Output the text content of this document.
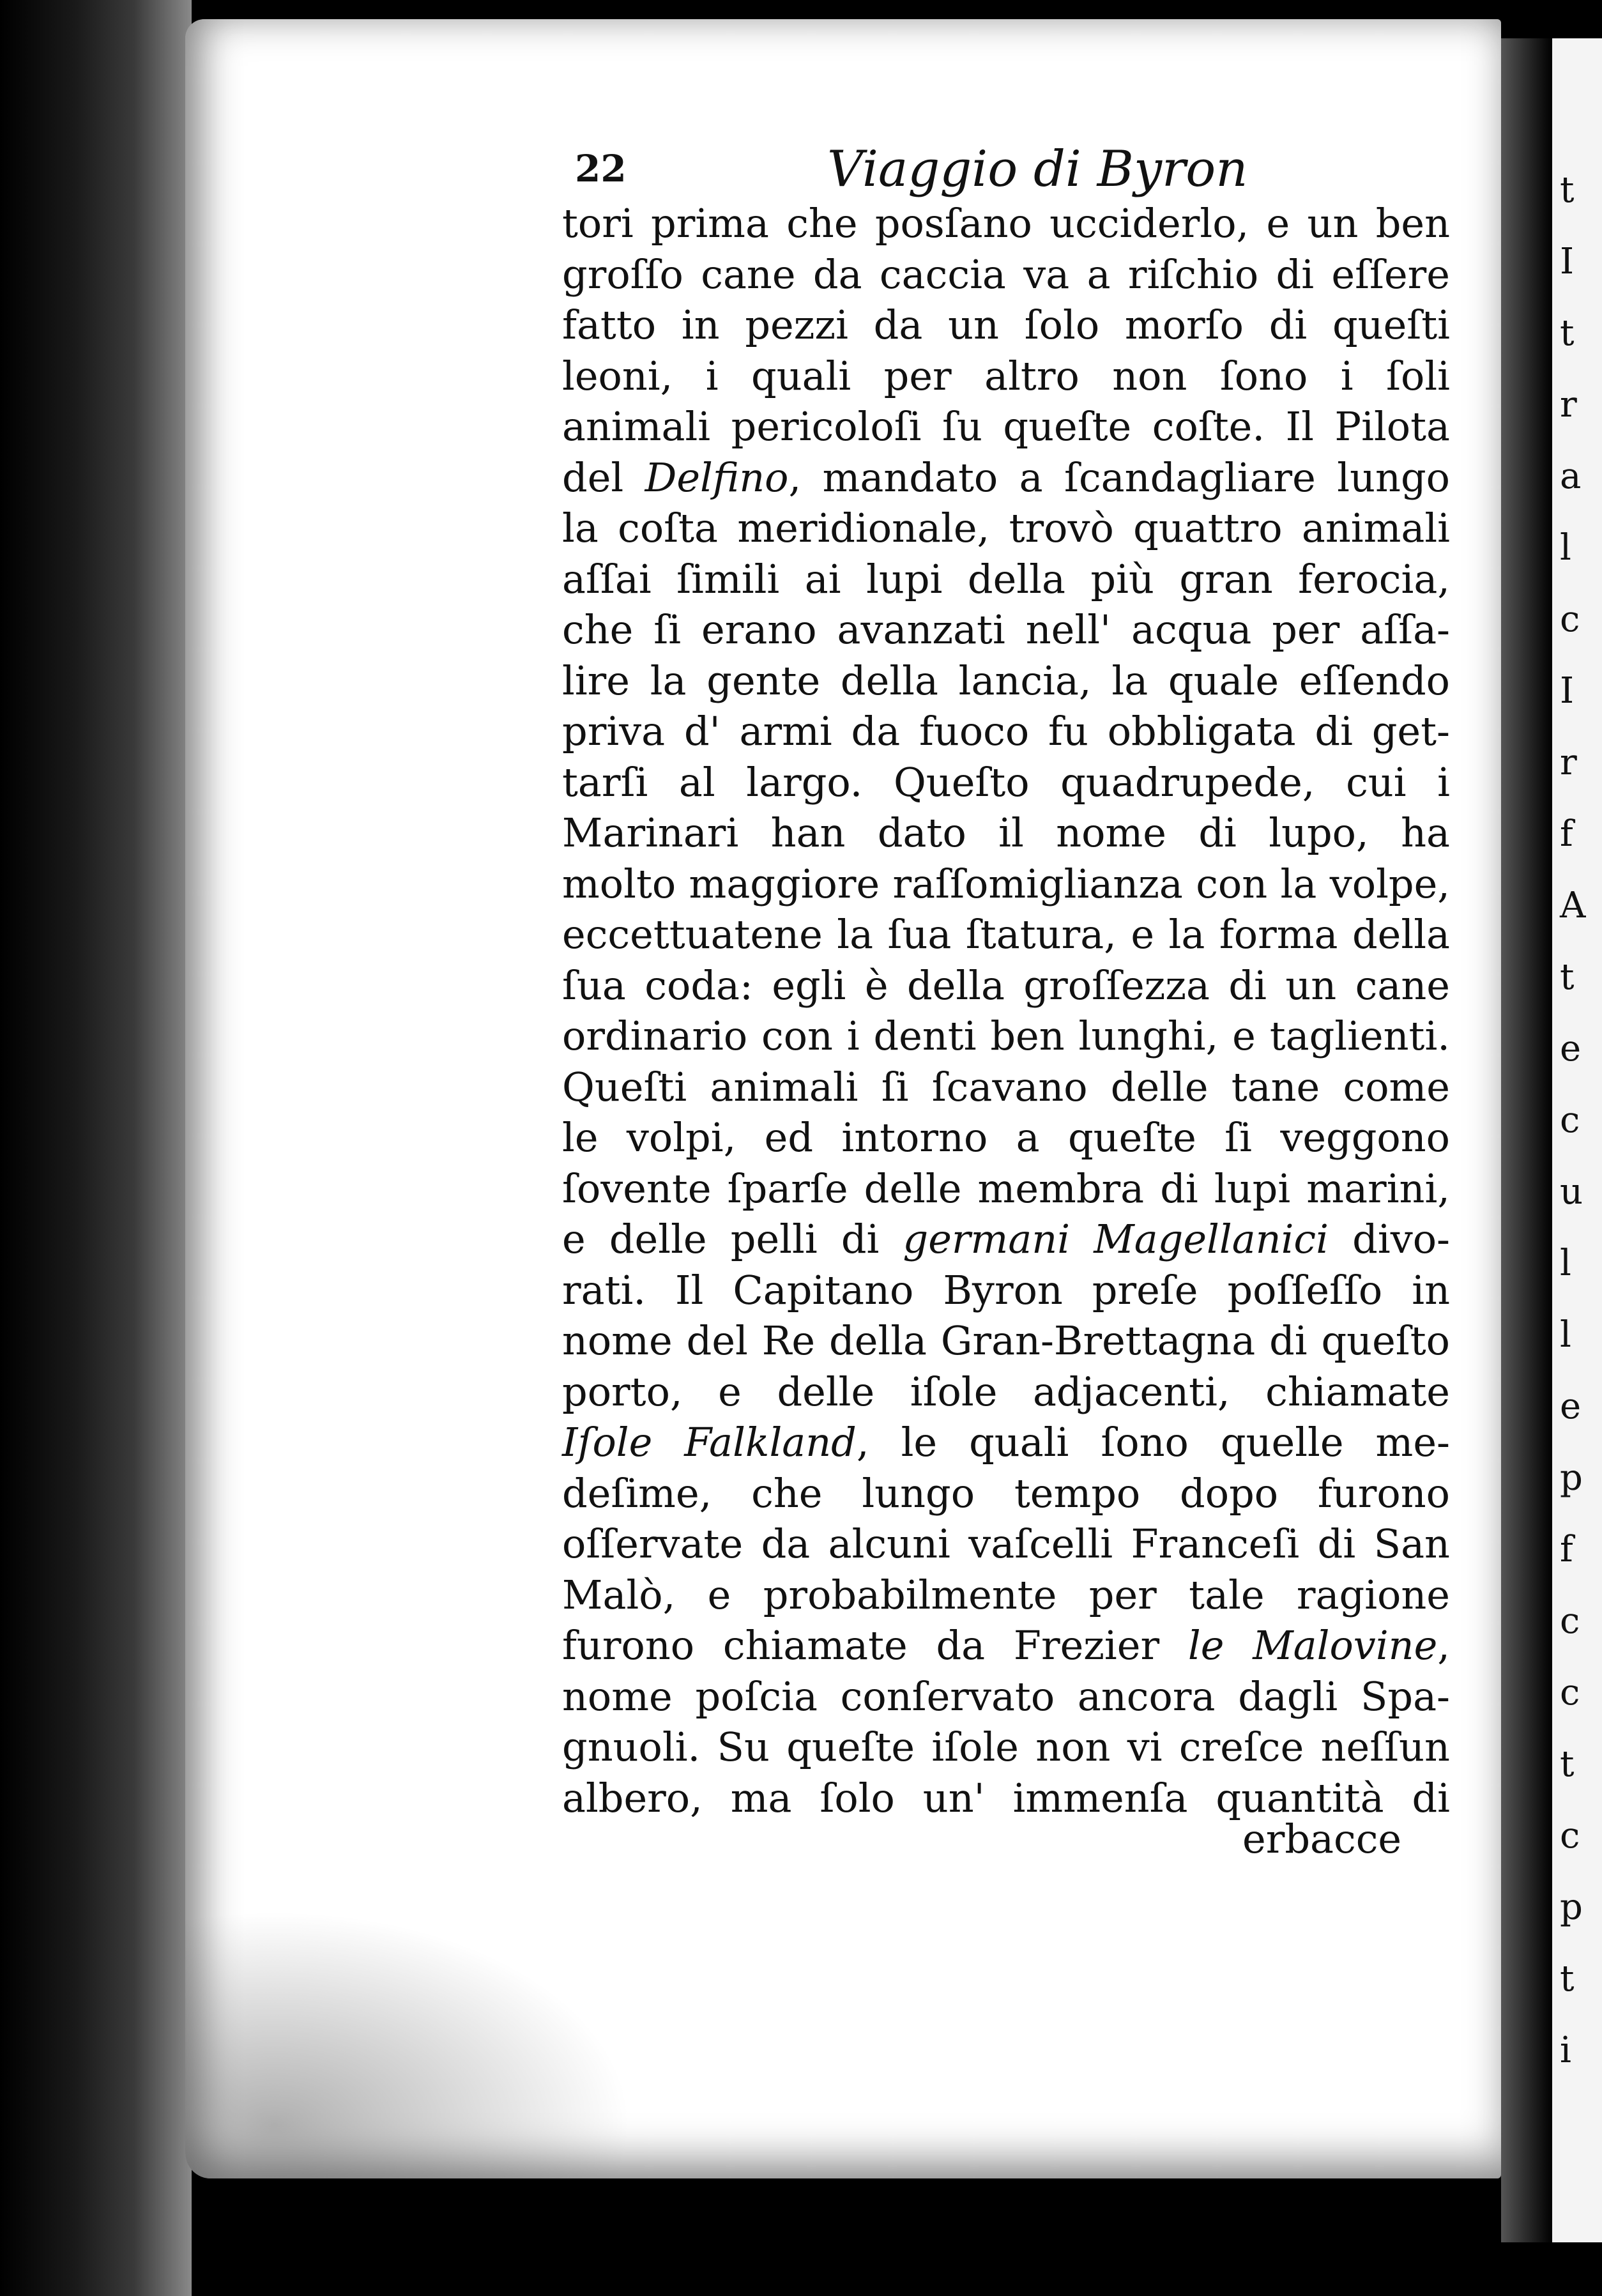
t
I
t
r
a
l
c
I
r
f
A
t
e
c
u
l
l
e
p
f
c
c
t
c
p
t
i
22	Viaggio di Byron
tori prima che posſano ucciderlo, e un ben
groſſo cane da caccia va a riſchio di eſſere
fatto in pezzi da un ſolo morſo di queſti
leoni, i quali per altro non ſono i ſoli
animali pericoloſi ſu queſte coſte. Il Pilota
del Delfino, mandato a ſcandagliare lungo
la coſta meridionale, trovò quattro animali
aſſai ſimili ai lupi della più gran ferocia,
che ſi erano avanzati nell' acqua per aſſa-
lire la gente della lancia, la quale eſſendo
priva d' armi da fuoco fu obbligata di get-
tarſi al largo. Queſto quadrupede, cui i
Marinari han dato il nome di lupo, ha
molto maggiore raſſomiglianza con la volpe,
eccettuatene la ſua ſtatura, e la forma della
ſua coda: egli è della groſſezza di un cane
ordinario con i denti ben lunghi, e taglienti.
Queſti animali ſi ſcavano delle tane come
le volpi, ed intorno a queſte ſi veggono
ſovente ſparſe delle membra di lupi marini,
e delle pelli di germani Magellanici divo-
rati. Il Capitano Byron preſe poſſeſſo in
nome del Re della Gran-Brettagna di queſto
porto, e delle iſole adjacenti, chiamate
Iſole Falkland, le quali ſono quelle me-
deſime, che lungo tempo dopo furono
oſſervate da alcuni vaſcelli Franceſi di San
Malò, e probabilmente per tale ragione
furono chiamate da Frezier le Malovine,
nome poſcia conſervato ancora dagli Spa-
gnuoli. Su queſte iſole non vi creſce neſſun
albero, ma ſolo un' immenſa quantità di
erbacce
